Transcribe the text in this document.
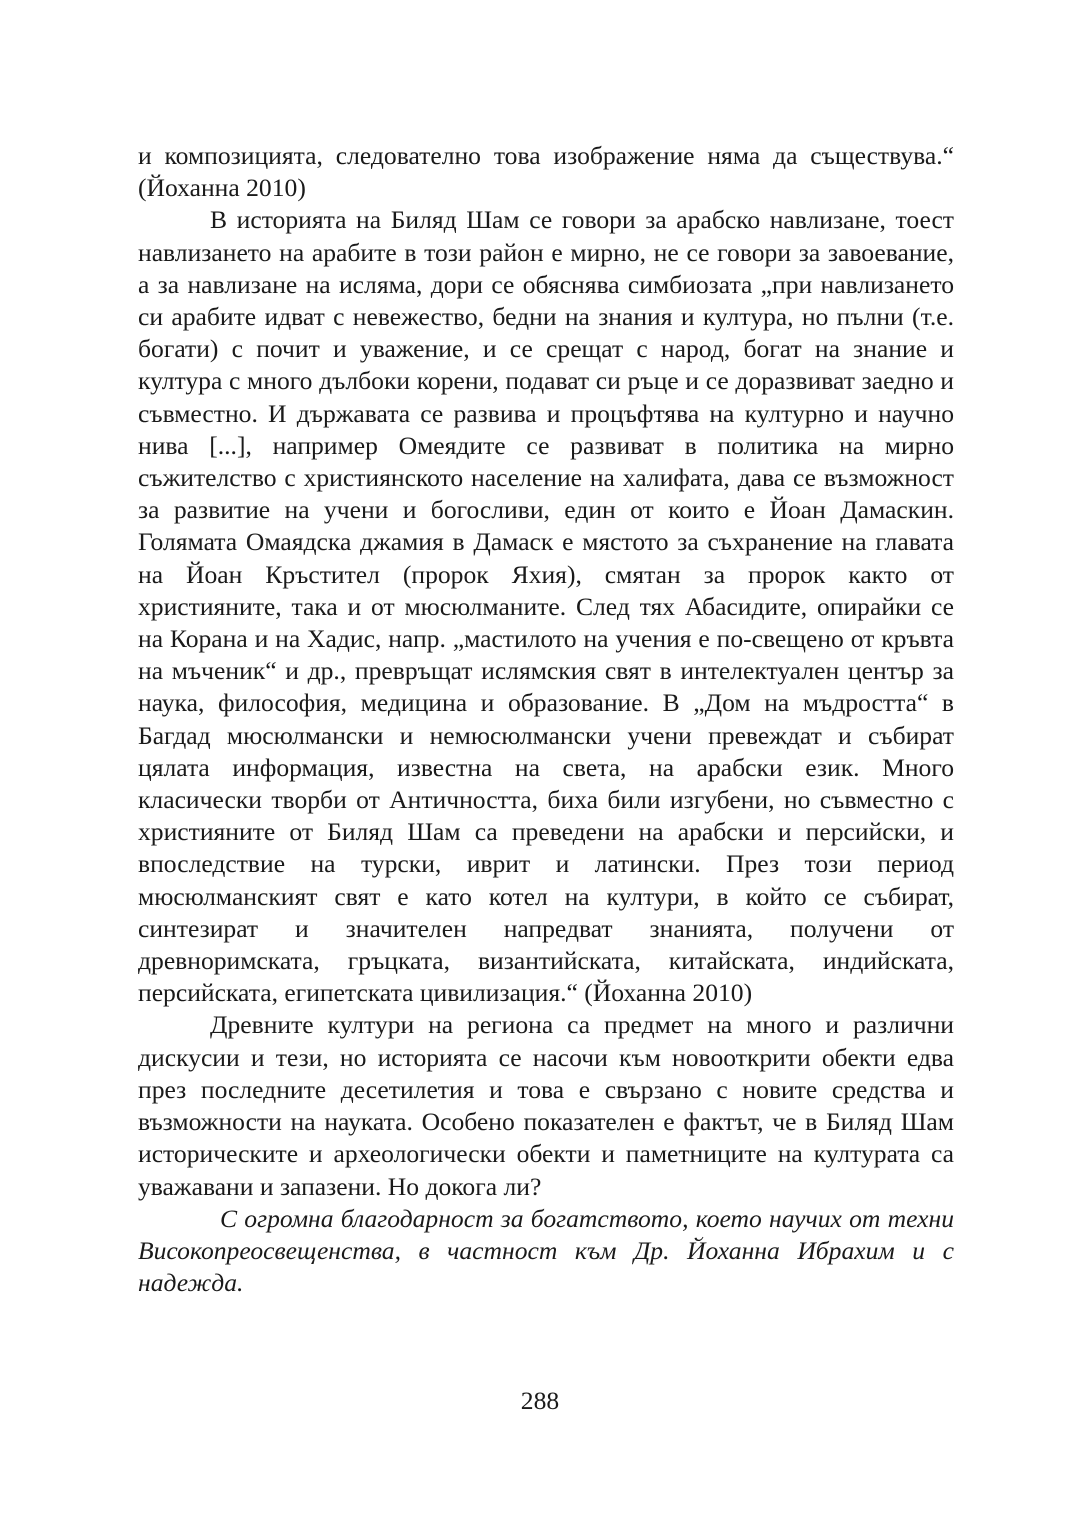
и композицията, следователно това изображение няма да съществува.“ (Йоханна 2010)

В историята на Биляд Шам се говори за арабско навлизане, тоест навлизането на арабите в този район е мирно, не се говори за завоевание, а за навлизане на исляма, дори се обяснява симбиозата „при навлизането си арабите идват с невежество, бедни на знания и култура, но пълни (т.е. богати) с почит и уважение, и се срещат с народ, богат на знание и култура с много дълбоки корени, подават си ръце и се доразвиват заедно и съвместно. И държавата се развива и процъфтява на културно и научно нива [...], например Омеядите се развиват в политика на мирно съжителство с християнското население на халифата, дава се възможност за развитие на учени и богосливи, един от които е Йоан Дамаскин. Голямата Омаядска джамия в Дамаск е мястото за съхранение на главата на Йоан Кръстител (пророк Яхия), смятан за пророк както от християните, така и от мюсюлманите. След тях Абасидите, опирайки се на Корана и на Хадис, напр. „мастилото на учения е по-свещено от кръвта на мъченик“ и др., превръщат ислямския свят в интелектуален център за наука, философия, медицина и образование. В „Дом на мъдростта“ в Багдад мюсюлмански и немюсюлмански учени превеждат и събират цялата информация, известна на света, на арабски език. Много класически творби от Античността, биха били изгубени, но съвместно с християните от Биляд Шам са преведени на арабски и персийски, и впоследствие на турски, иврит и латински. През този период мюсюлманският свят е като котел на култури, в който се събират, синтезират и значителен напредват знанията, получени от древноримската, гръцката, византийската, китайската, индийската, персийската, египетската цивилизация.“ (Йоханна 2010)

Древните култури на региона са предмет на много и различни дискусии и тези, но историята се насочи към новооткрити обекти едва през последните десетилетия и това е свързано с новите средства и възможности на науката. Особено показателен е фактът, че в Биляд Шам историческите и археологически обекти и паметниците на културата са уважавани и запазени. Но докога ли?

С огромна благодарност за богатството, което научих от техни Високопреосвещенства, в частност към Др. Йоханна Ибрахим и с надежда.

288
